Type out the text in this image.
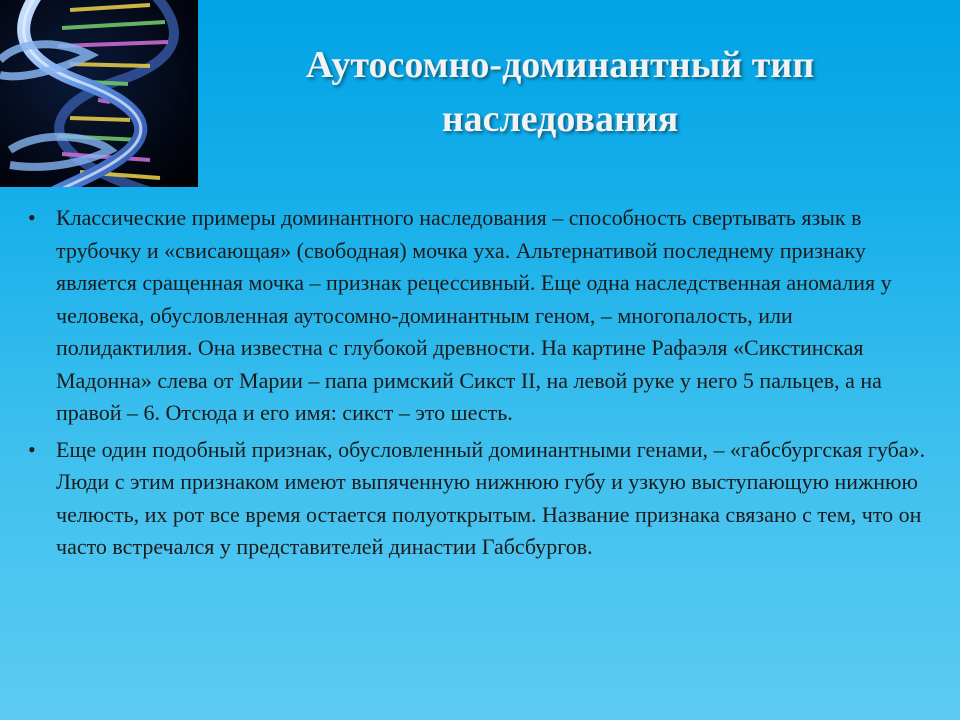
Аутосомно-доминантный тип наследования
• Классические примеры доминантного наследования – способность свертывать язык в трубочку и «свисающая» (свободная) мочка уха. Альтернативой последнему признаку является сращенная мочка – признак рецессивный. Еще одна наследственная аномалия у человека, обусловленная аутосомно-доминантным геном, – многопалость, или полидактилия. Она известна с глубокой древности. На картине Рафаэля «Сикстинская Мадонна» слева от Марии – папа римский Сикст II, на левой руке у него 5 пальцев, а на правой – 6. Отсюда и его имя: сикст – это шесть.
• Еще один подобный признак, обусловленный доминантными генами, – «габсбургская губа». Люди с этим признаком имеют выпяченную нижнюю губу и узкую выступающую нижнюю челюсть, их рот все время остается полуоткрытым. Название признака связано с тем, что он часто встречался у представителей династии Габсбургов.
